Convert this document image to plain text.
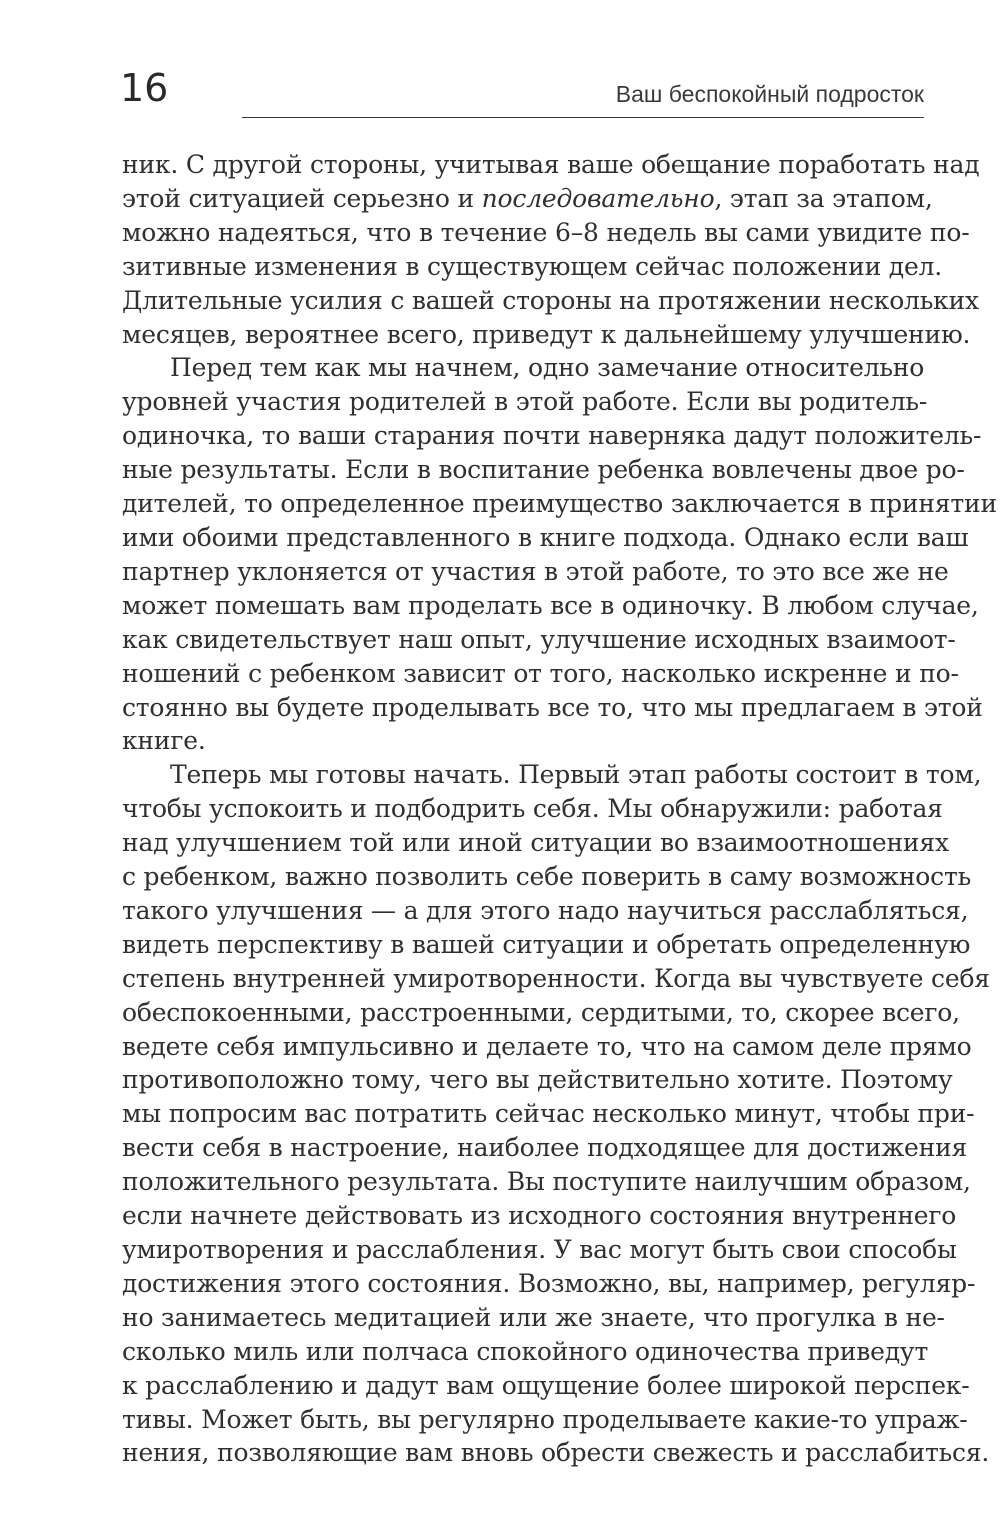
16	Ваш беспокойный подросток
ник. С другой стороны, учитывая ваше обещание поработать над
этой ситуацией серьезно и последовательно, этап за этапом,
можно надеяться, что в течение 6–8 недель вы сами увидите по-
зитивные изменения в существующем сейчас положении дел.
Длительные усилия с вашей стороны на протяжении нескольких
месяцев, вероятнее всего, приведут к дальнейшему улучшению.
Перед тем как мы начнем, одно замечание относительно
уровней участия родителей в этой работе. Если вы родитель-
одиночка, то ваши старания почти наверняка дадут положитель-
ные результаты. Если в воспитание ребенка вовлечены двое ро-
дителей, то определенное преимущество заключается в принятии
ими обоими представленного в книге подхода. Однако если ваш
партнер уклоняется от участия в этой работе, то это все же не
может помешать вам проделать все в одиночку. В любом случае,
как свидетельствует наш опыт, улучшение исходных взаимоот-
ношений с ребенком зависит от того, насколько искренне и по-
стоянно вы будете проделывать все то, что мы предлагаем в этой
книге.
Теперь мы готовы начать. Первый этап работы состоит в том,
чтобы успокоить и подбодрить себя. Мы обнаружили: работая
над улучшением той или иной ситуации во взаимоотношениях
с ребенком, важно позволить себе поверить в саму возможность
такого улучшения — а для этого надо научиться расслабляться,
видеть перспективу в вашей ситуации и обретать определенную
степень внутренней умиротворенности. Когда вы чувствуете себя
обеспокоенными, расстроенными, сердитыми, то, скорее всего,
ведете себя импульсивно и делаете то, что на самом деле прямо
противоположно тому, чего вы действительно хотите. Поэтому
мы попросим вас потратить сейчас несколько минут, чтобы при-
вести себя в настроение, наиболее подходящее для достижения
положительного результата. Вы поступите наилучшим образом,
если начнете действовать из исходного состояния внутреннего
умиротворения и расслабления. У вас могут быть свои способы
достижения этого состояния. Возможно, вы, например, регуляр-
но занимаетесь медитацией или же знаете, что прогулка в не-
сколько миль или полчаса спокойного одиночества приведут
к расслаблению и дадут вам ощущение более широкой перспек-
тивы. Может быть, вы регулярно проделываете какие-то упраж-
нения, позволяющие вам вновь обрести свежесть и расслабиться.
